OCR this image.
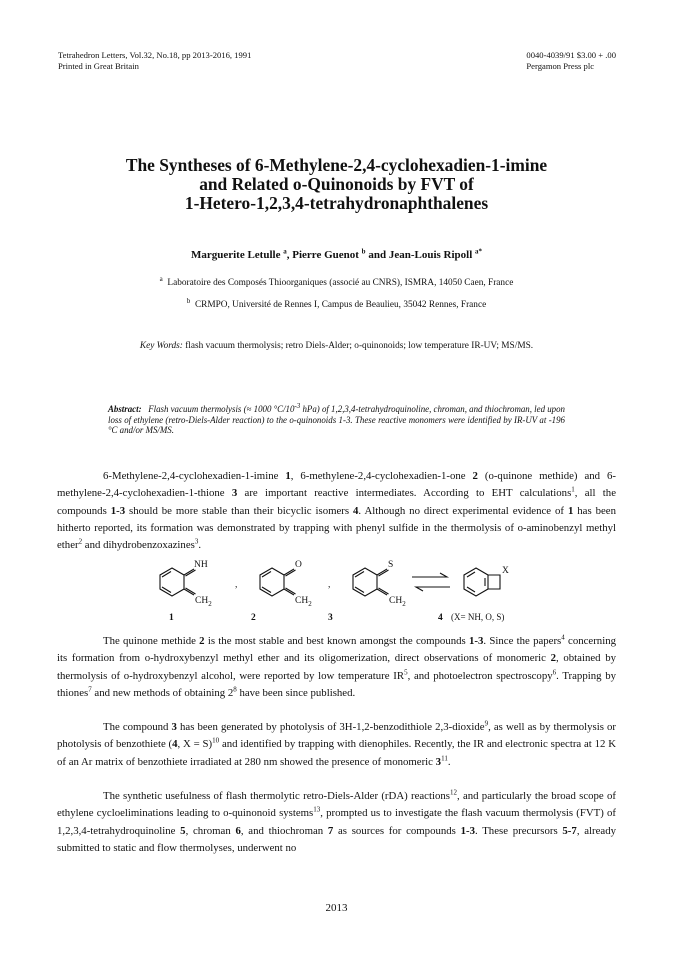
Tetrahedron Letters, Vol.32, No.18, pp 2013-2016, 1991
Printed in Great Britain
0040-4039/91 $3.00 + .00
Pergamon Press plc
The Syntheses of 6-Methylene-2,4-cyclohexadien-1-imine
and Related o-Quinonoids by FVT of
1-Hetero-1,2,3,4-tetrahydronaphthalenes
Marguerite Letulle $^a$, Pierre Guenot $^b$ and Jean-Louis Ripoll $^{a*}$
$^a$ Laboratoire des Composés Thioorganiques (associé au CNRS), ISMRA, 14050 Caen, France
$^b$ CRMPO, Université de Rennes I, Campus de Beaulieu, 35042 Rennes, France
Key Words: flash vacuum thermolysis; retro Diels-Alder; o-quinonoids; low temperature IR-UV; MS/MS.
Abstract: Flash vacuum thermolysis (≈ 1000 $^\circ C/10^{-3}$ hPa) of 1,2,3,4-tetrahydroquinoline, chroman, and thiochroman, led upon loss of ethylene (retro-Diels-Alder reaction) to the o-quinonoids 1-3. These reactive monomers were identified by IR-UV at -196 °C and/or MS/MS.

6-Methylene-2,4-cyclohexadien-1-imine 1, 6-methylene-2,4-cyclohexadien-1-one 2 (o-quinone methide) and 6-methylene-2,4-cyclohexadien-1-thione 3 are important reactive intermediates. According to EHT calculations$^1$, all the compounds 1-3 should be more stable than their bicyclic isomers 4. Although no direct experimental evidence of 1 has been hitherto reported, its formation was demonstrated by trapping with phenyl sulfide in the thermolysis of o-aminobenzyl methyl ether$^2$ and dihydrobenzoxazines$^3$.

NH
$CH_2$
O
$CH_2$
S
$CH_2$
X
,	,
1	2	3	4 (X= NH, O, S)

The quinone methide 2 is the most stable and best known amongst the compounds 1-3. Since the papers$^4$ concerning its formation from o-hydroxybenzyl methyl ether and its oligomerization, direct observations of monomeric 2, obtained by thermolysis of o-hydroxybenzyl alcohol, were reported by low temperature $IR^5$, and photoelectron spectroscopy$^6$. Trapping by thiones$^7$ and new methods of obtaining $2^8$ have been since published.

The compound 3 has been generated by photolysis of 3H-1,2-benzodithiole 2,3-dioxide$^9$, as well as by thermolysis or photolysis of benzothiete (4, X = S)$^{10}$ and identified by trapping with dienophiles. Recently, the IR and electronic spectra at 12 K of an Ar matrix of benzothiete irradiated at 280 nm showed the presence of monomeric $3^{11}$.

The synthetic usefulness of flash thermolytic retro-Diels-Alder (rDA) reactions$^{12}$, and particularly the broad scope of ethylene cycloeliminations leading to o-quinonoid systems$^{13}$, prompted us to investigate the flash vacuum thermolysis (FVT) of 1,2,3,4-tetrahydroquinoline 5, chroman 6, and thiochroman 7 as sources for compounds 1-3. These precursors 5-7, already submitted to static and flow thermolyses, underwent no

2013
